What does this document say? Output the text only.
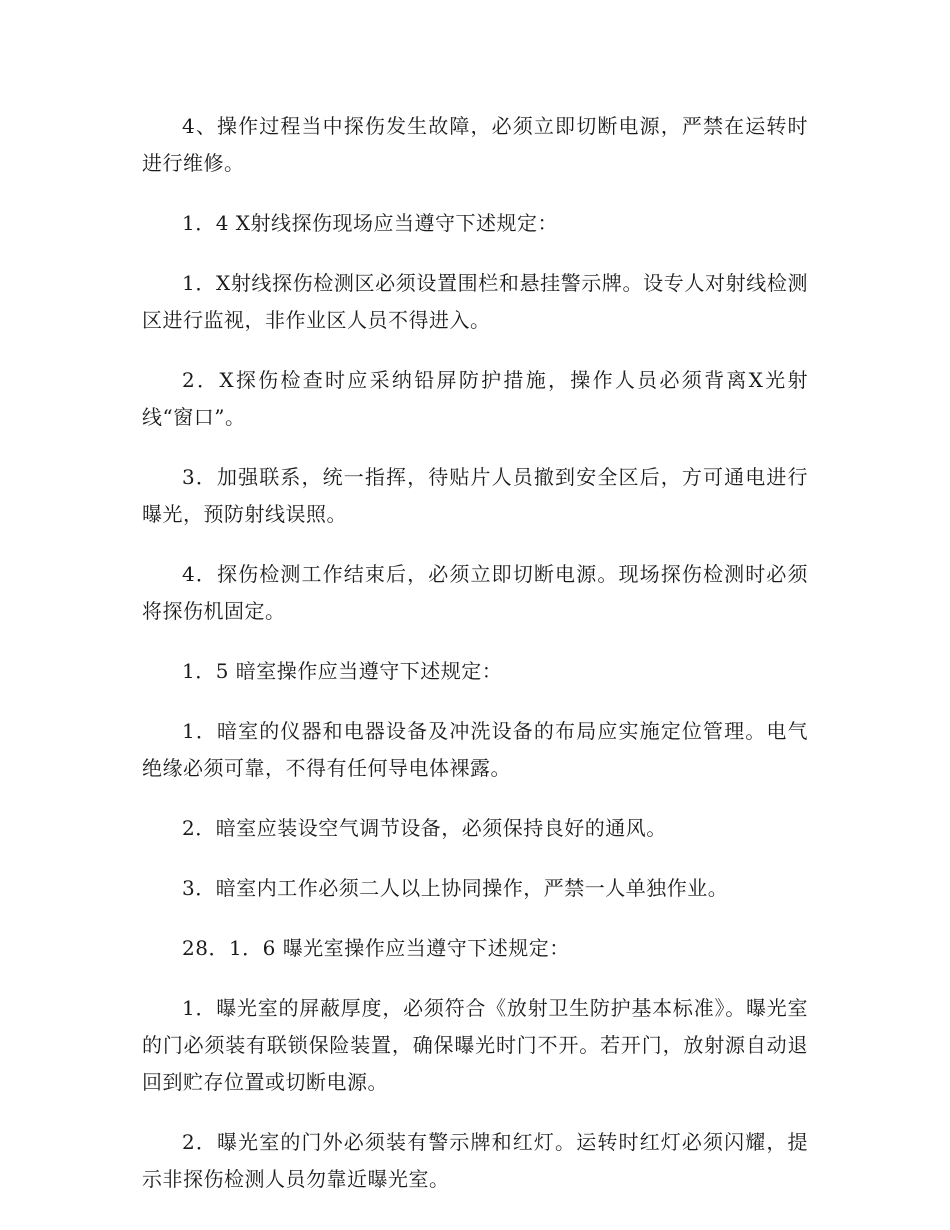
4、操作过程当中探伤发生故障，必须立即切断电源，严禁在运转时进行维修。

1．4 X射线探伤现场应当遵守下述规定：

1．X射线探伤检测区必须设置围栏和悬挂警示牌。设专人对射线检测区进行监视，非作业区人员不得进入。

2．X探伤检查时应采纳铅屏防护措施，操作人员必须背离X光射线“窗口”。

3．加强联系，统一指挥，待贴片人员撤到安全区后，方可通电进行曝光，预防射线误照。

4．探伤检测工作结束后，必须立即切断电源。现场探伤检测时必须将探伤机固定。

1．5 暗室操作应当遵守下述规定：

1．暗室的仪器和电器设备及冲洗设备的布局应实施定位管理。电气绝缘必须可靠，不得有任何导电体裸露。

2．暗室应装设空气调节设备，必须保持良好的通风。

3．暗室内工作必须二人以上协同操作，严禁一人单独作业。

28．1．6 曝光室操作应当遵守下述规定：

1．曝光室的屏蔽厚度，必须符合《放射卫生防护基本标准》。曝光室的门必须装有联锁保险装置，确保曝光时门不开。若开门，放射源自动退回到贮存位置或切断电源。

2．曝光室的门外必须装有警示牌和红灯。运转时红灯必须闪耀，提示非探伤检测人员勿靠近曝光室。
